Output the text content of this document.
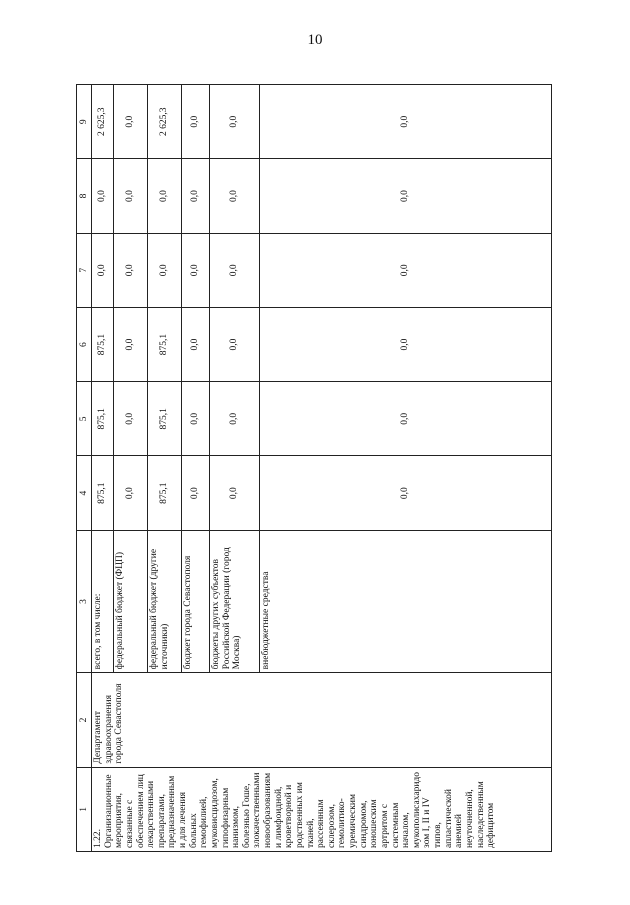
10
1	2	3	4	5	6	7	8	9

1.22. Организационные мероприятия, связанные с обеспечением лиц лекарственными препаратами, предназначенными для лечения больных гемофилией, муковисцидозом, гипофизарным нанизмом, болезнью Гоше, злокачественными новообразованиями лимфоидной, кроветворной и родственных им тканей, рассеянным склерозом, гемолитико-уремическим синдромом, юношеским артритом с системным началом, мукополисахаридозом I, II и IV типов, апластической анемией неуточненной, наследственным дефицитом	Департамент здравоохранения города Севастополя	всего, в том числе:	875,1	875,1	875,1	0,0	0,0	2 625,3
		федеральный бюджет (ФЦП)	0,0	0,0	0,0	0,0	0,0	0,0
		федеральный бюджет (другие источники)	875,1	875,1	875,1	0,0	0,0	2 625,3
		бюджет города Севастополя	0,0	0,0	0,0	0,0	0,0	0,0
		бюджеты других субъектов Российской Федерации (город Москва)	0,0	0,0	0,0	0,0	0,0	0,0
		внебюджетные средства	0,0	0,0	0,0	0,0	0,0	0,0
